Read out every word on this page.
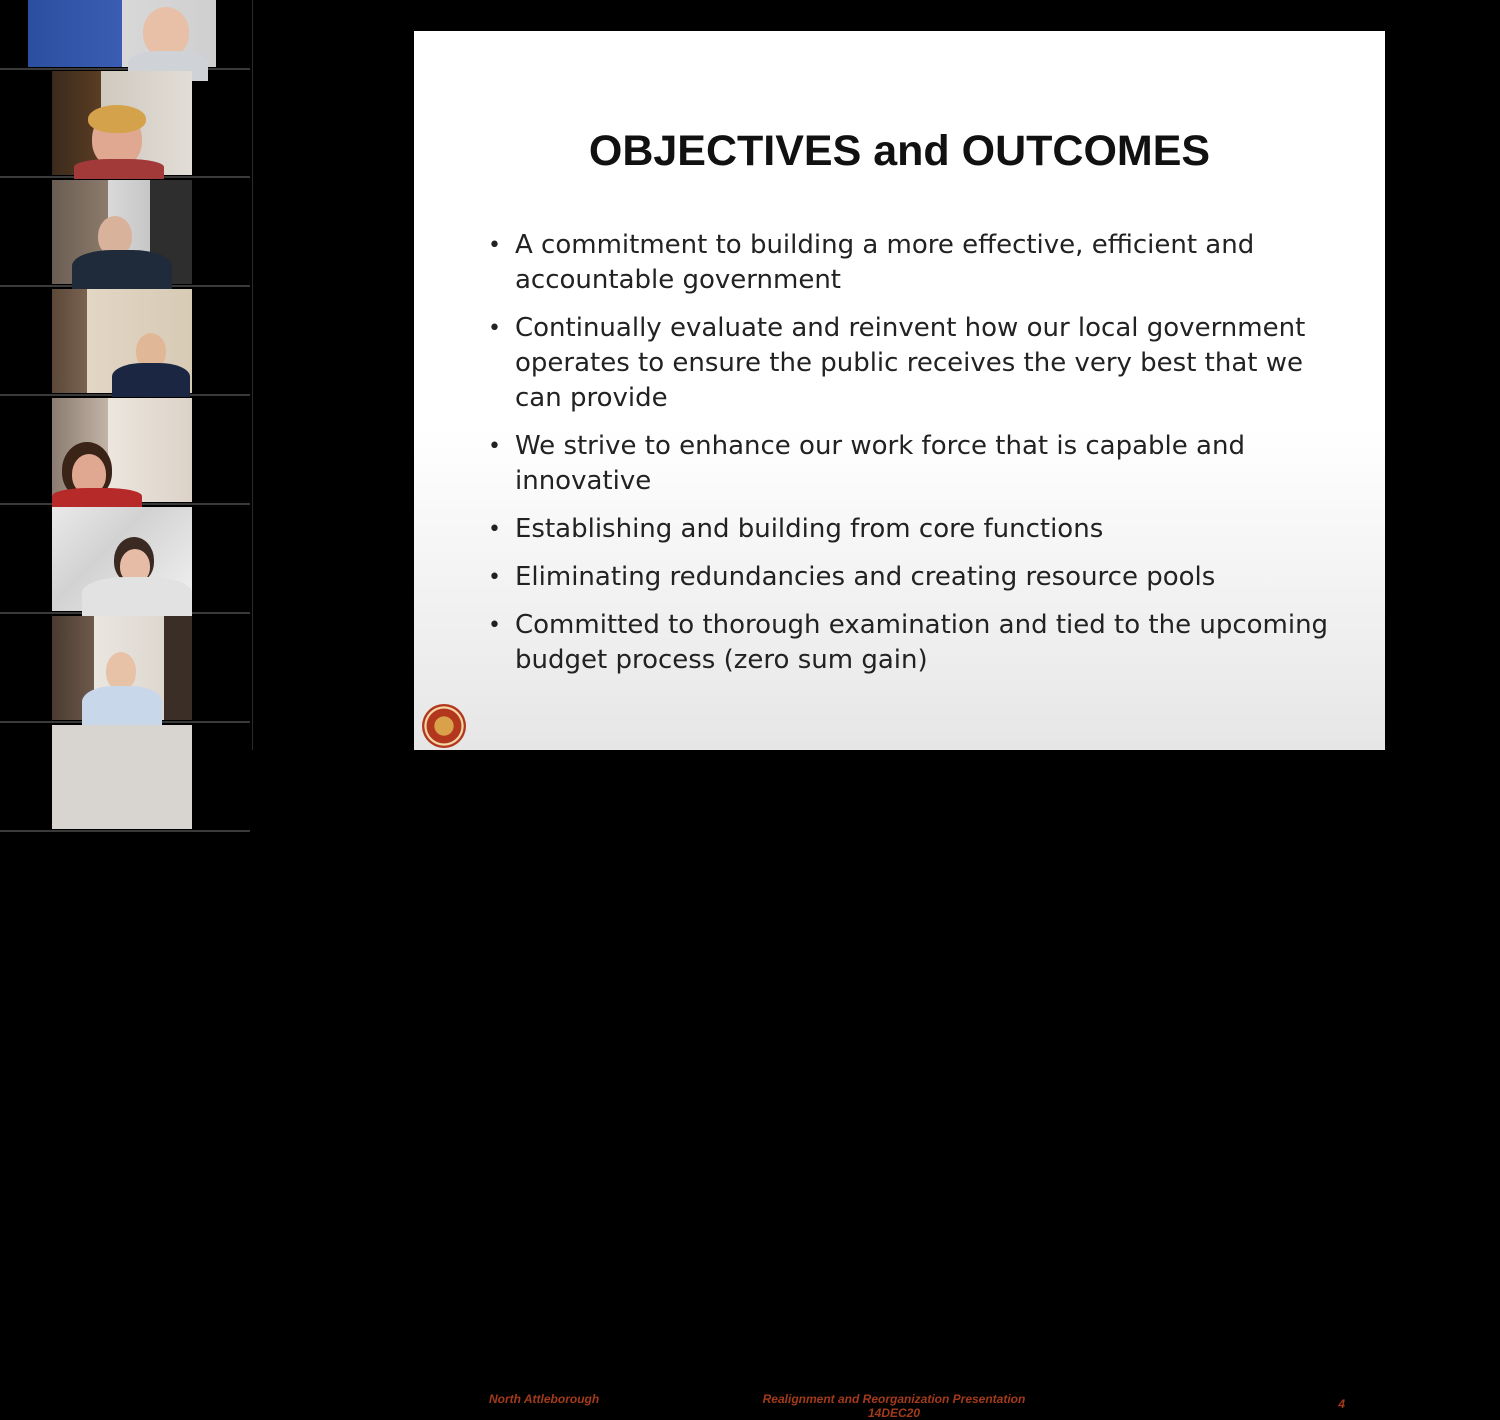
OBJECTIVES and OUTCOMES
• A commitment to building a more effective, efficient and accountable government
• Continually evaluate and reinvent how our local government operates to ensure the public receives the very best that we can provide
• We strive to enhance our work force that is capable and innovative
• Establishing and building from core functions
• Eliminating redundancies and creating resource pools
• Committed to thorough examination and tied to the upcoming budget process (zero sum gain)
North Attleborough	Realignment and Reorganization Presentation
14DEC20
4
